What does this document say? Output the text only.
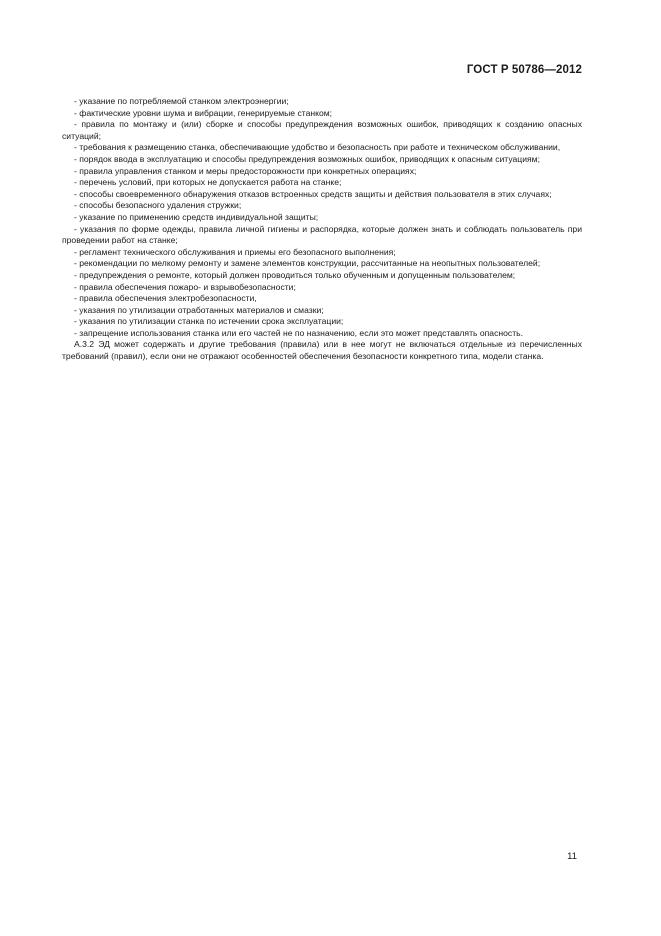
ГОСТ Р 50786—2012

- указание по потребляемой станком электроэнергии;

- фактические уровни шума и вибрации, генерируемые станком;

- правила по монтажу и (или) сборке и способы предупреждения возможных ошибок, приводящих к созданию опасных ситуаций;

- требования к размещению станка, обеспечивающие удобство и безопасность при работе и техническом обслуживании,

- порядок ввода в эксплуатацию и способы предупреждения возможных ошибок, приводящих к опасным ситуациям;

- правила управления станком и меры предосторожности при конкретных операциях;

- перечень условий, при которых не допускается работа на станке;

- способы своевременного обнаружения отказов встроенных средств защиты и действия пользователя в этих случаях;

- способы безопасного удаления стружки;

- указание по применению средств индивидуальной защиты;

- указания по форме одежды, правила личной гигиены и распорядка, которые должен знать и соблюдать пользователь при проведении работ на станке;

- регламент технического обслуживания и приемы его безопасного выполнения;

- рекомендации по мелкому ремонту и замене элементов конструкции, рассчитанные на неопытных пользователей;

- предупреждения о ремонте, который должен проводиться только обученным и допущенным пользователем;

- правила обеспечения пожаро- и взрывобезопасности;

- правила обеспечения электробезопасности,

- указания по утилизации отработанных материалов и смазки;

- указания по утилизации станка по истечении срока эксплуатации;

- запрещение использования станка или его частей не по назначению, если это может представлять опасность.

А.3.2 ЭД может содержать и другие требования (правила) или в нее могут не включаться отдельные из перечисленных требований (правил), если они не отражают особенностей обеспечения безопасности конкретного типа, модели станка.

11
